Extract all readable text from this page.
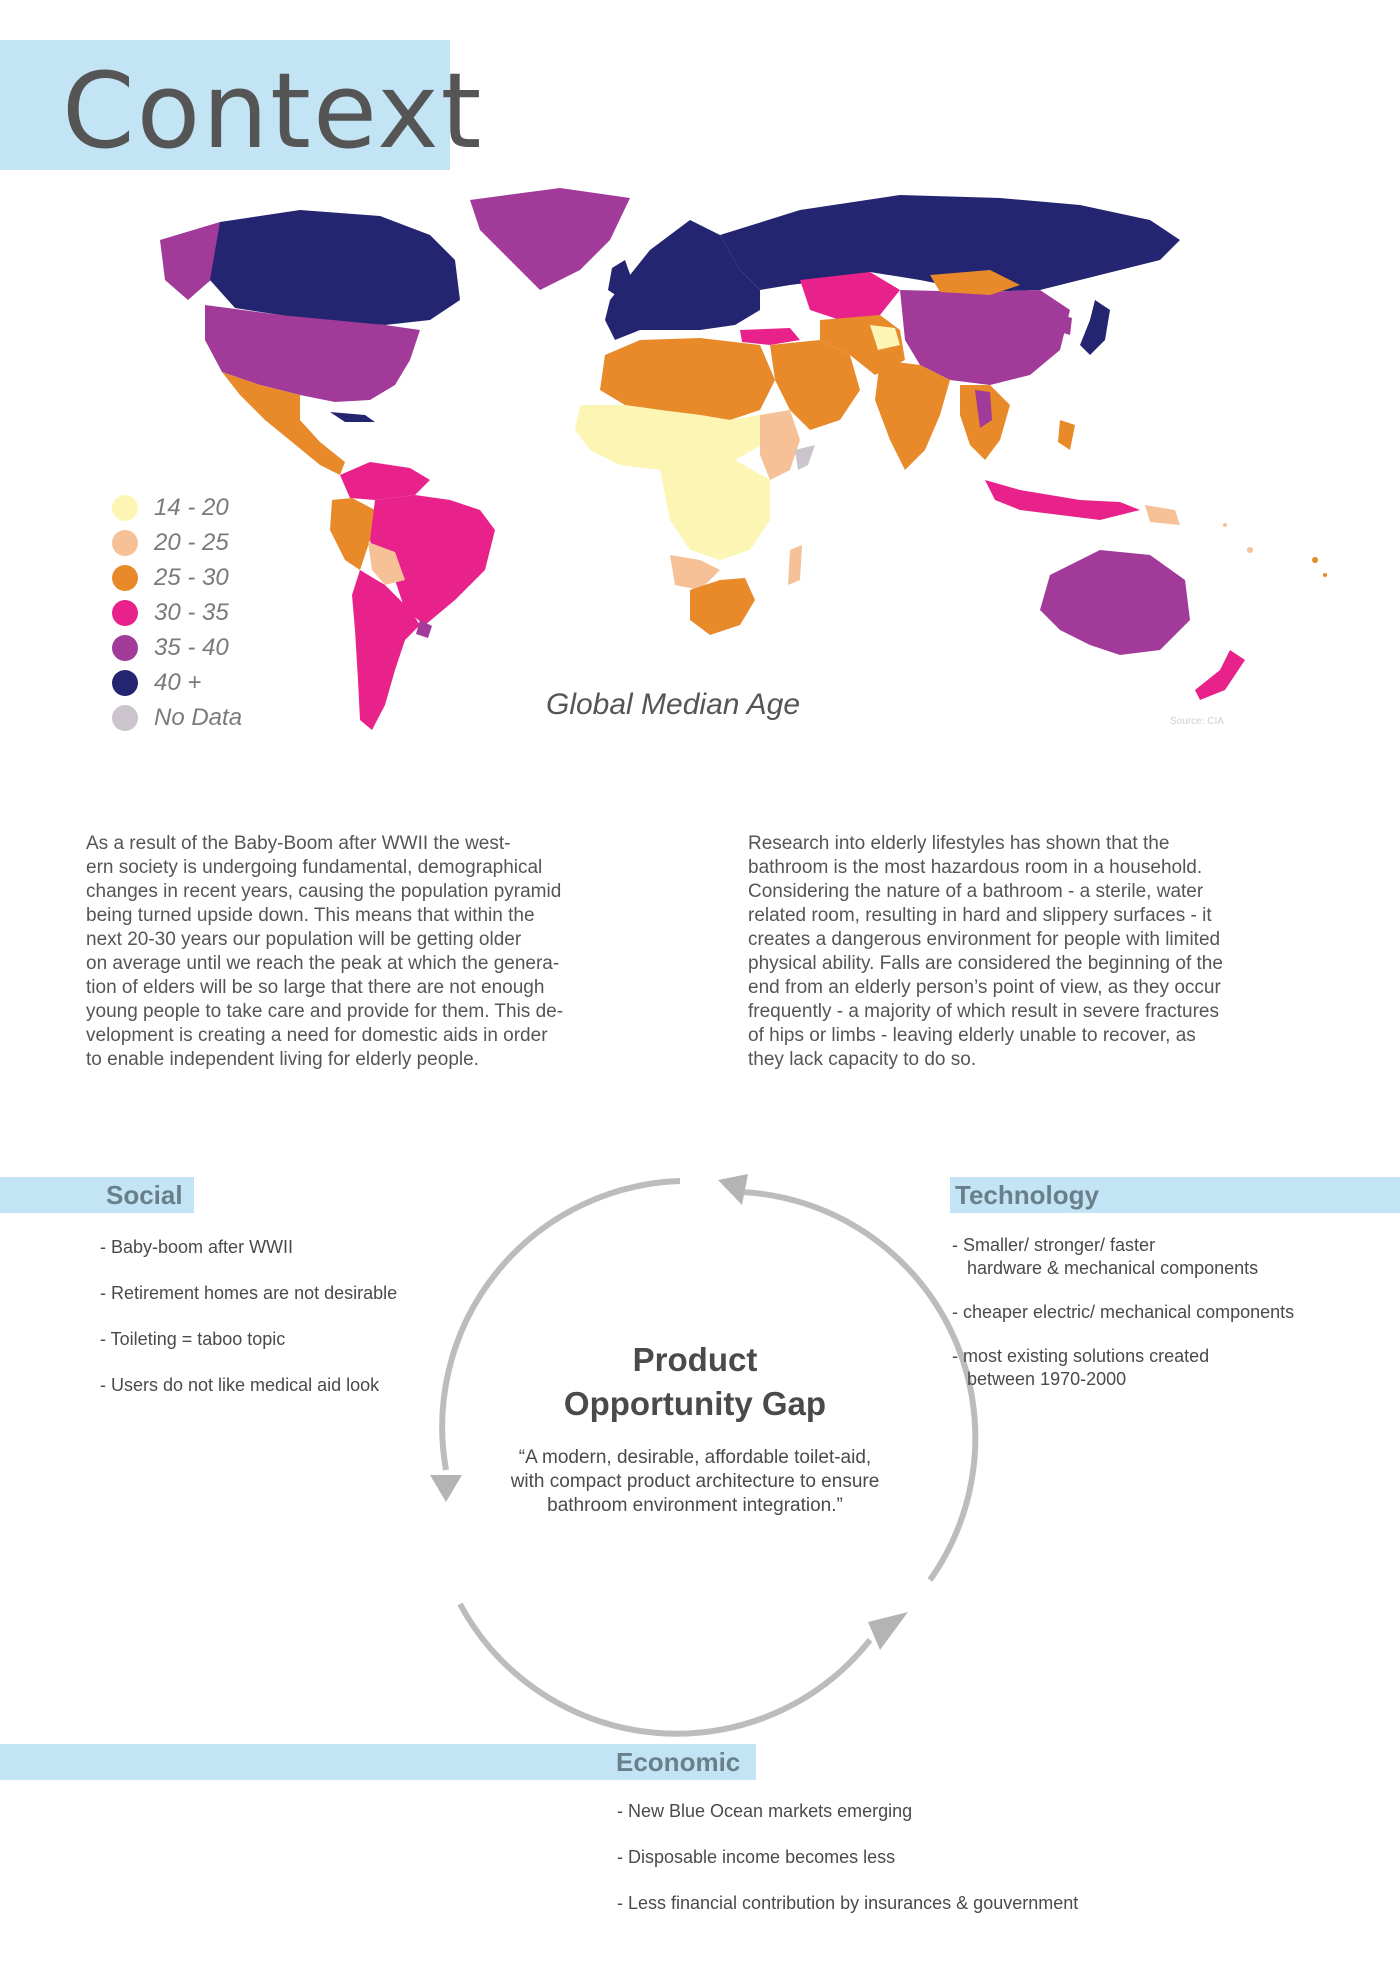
Context
14 - 20
20 - 25
25 - 30
30 - 35
35 - 40
40 +
No Data	Global Median Age
Source: CIA

As a result of the Baby-Boom after WWII the west-
ern society is undergoing fundamental, demographical
changes in recent years, causing the population pyramid
being turned upside down. This means that within the
next 20-30 years our population will be getting older
on average until we reach the peak at which the genera-
tion of elders will be so large that there are not enough
young people to take care and provide for them. This de-
velopment is creating a need for domestic aids in order
to enable independent living for elderly people.

Research into elderly lifestyles has shown that the
bathroom is the most hazardous room in a household.
Considering the nature of a bathroom - a sterile, water
related room, resulting in hard and slippery surfaces - it
creates a dangerous environment for people with limited
physical ability. Falls are considered the beginning of the
end from an elderly person’s point of view, as they occur
frequently - a majority of which result in severe fractures
of hips or limbs - leaving elderly unable to recover, as
they lack capacity to do so.

Social
- Baby-boom after WWII
- Retirement homes are not desirable
- Toileting = taboo topic
- Users do not like medical aid look
Technology
- Smaller/ stronger/ faster
hardware & mechanical components
- cheaper electric/ mechanical components
- most existing solutions created
between 1970-2000
Product
Opportunity Gap
“A modern, desirable, affordable toilet-aid,
with compact product architecture to ensure
bathroom environment integration.”
Economic
- New Blue Ocean markets emerging
- Disposable income becomes less
- Less financial contribution by insurances & gouvernment
